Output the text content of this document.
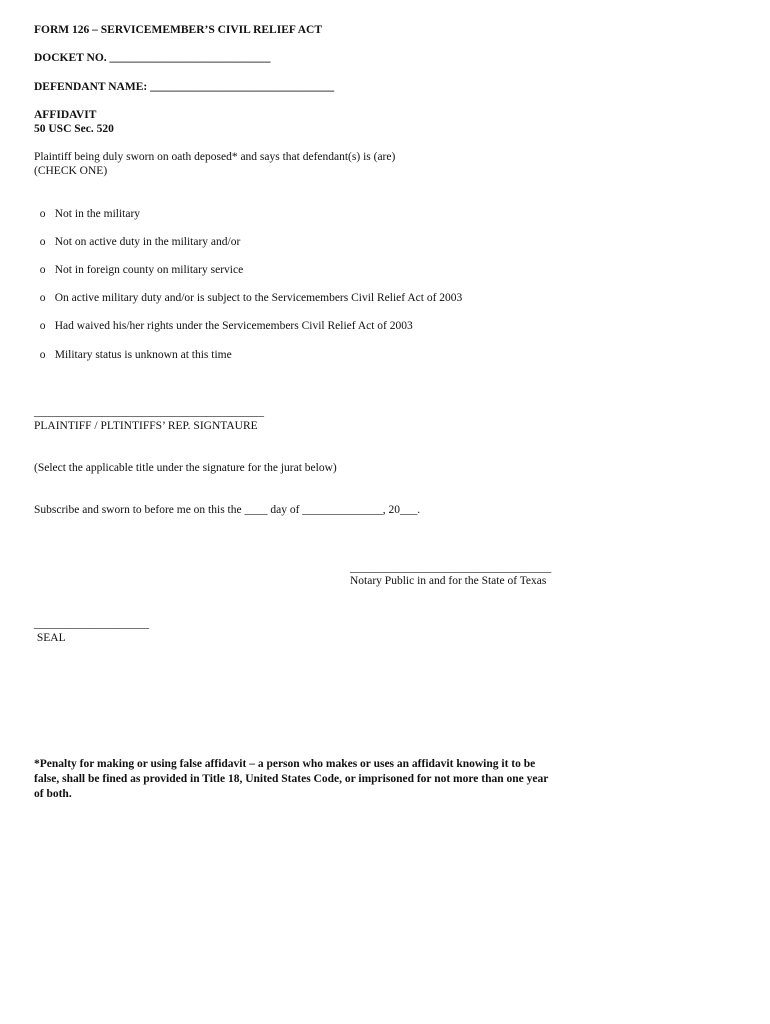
FORM 126 – SERVICEMEMBER’S CIVIL RELIEF ACT
DOCKET NO. ____________________________
DEFENDANT NAME: ________________________________
AFFIDAVIT
50 USC Sec. 520
Plaintiff being duly sworn on oath deposed* and says that defendant(s) is (are)
(CHECK ONE)

o Not in the military

o Not on active duty in the military and/or

o Not in foreign county on military service

o On active military duty and/or is subject to the Servicemembers Civil Relief Act of 2003

o Had waived his/her rights under the Servicemembers Civil Relief Act of 2003

o Military status is unknown at this time

________________________________________
PLAINTIFF / PLTINTIFFS’ REP. SIGNTAURE
(Select the applicable title under the signature for the jurat below)
Subscribe and sworn to before me on this the ____ day of ______________, 20___.
___________________________________
Notary Public in and for the State of Texas
____________________
SEAL
*Penalty for making or using false affidavit – a person who makes or uses an affidavit knowing it to be false, shall be fined as provided in Title 18, United States Code, or imprisoned for not more than one year of both.
